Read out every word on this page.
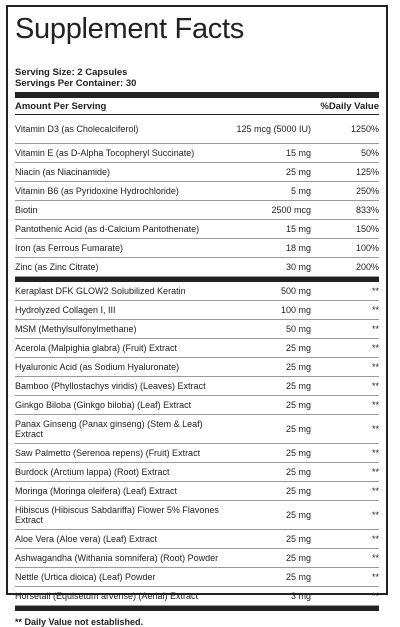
Supplement Facts
Serving Size: 2 Capsules
Servings Per Container: 30
Amount Per Serving	%Daily Value
Vitamin D3 (as Cholecalciferol)	125 mcg (5000 IU)	1250%
Vitamin E (as D-Alpha Tocopheryl Succinate)	15 mg	50%
Niacin (as Niacinamide)	25 mg	125%
Vitamin B6 (as Pyridoxine Hydrochloride)	5 mg	250%
Biotin	2500 mcg	833%
Pantothenic Acid (as d-Calcium Pantothenate)	15 mg	150%
Iron (as Ferrous Fumarate)	18 mg	100%
Zinc (as Zinc Citrate)	30 mg	200%
Keraplast DFK GLOW2 Solubilized Keratin	500 mg	**
Hydrolyzed Collagen I, III	100 mg	**
MSM (Methylsulfonylmethane)	50 mg	**
Acerola (Malpighia glabra) (Fruit) Extract	25 mg	**
Hyaluronic Acid (as Sodium Hyaluronate)	25 mg	**
Bamboo (Phyllostachys viridis) (Leaves) Extract	25 mg	**
Ginkgo Biloba (Ginkgo biloba) (Leaf) Extract	25 mg	**
Panax Ginseng (Panax ginseng) (Stem & Leaf) Extract
25 mg	**
Saw Palmetto (Serenoa repens) (Fruit) Extract	25 mg	**
Burdock (Arctium lappa) (Root) Extract	25 mg	**
Moringa (Moringa oleifera) (Leaf) Extract	25 mg	**
Hibiscus (Hibiscus Sabdariffa) Flower 5% Flavones Extract
25 mg	**
Aloe Vera (Aloe vera) (Leaf) Extract	25 mg	**
Ashwagandha (Withania somnifera) (Root) Powder	25 mg	**
Nettle (Urtica dioica) (Leaf) Powder	25 mg	**
Horsetail (Equisetum arvense) (Aerial) Extract	3 mg	**
** Daily Value not established.
